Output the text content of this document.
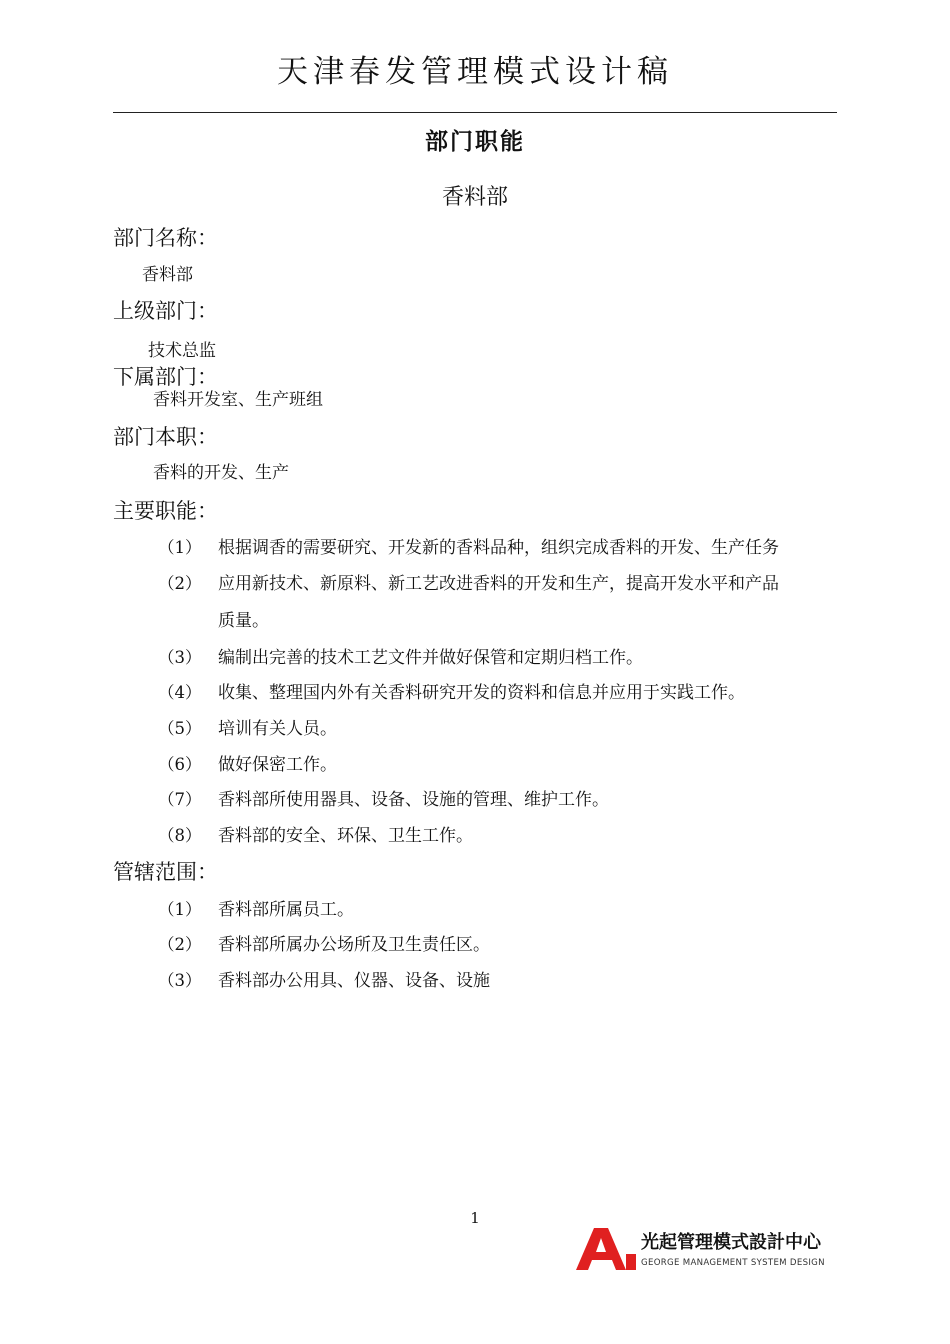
天津春发管理模式设计稿
部门职能
香料部
部门名称：
香料部
上级部门：
技术总监
下属部门：
香料开发室、生产班组
部门本职：
香料的开发、生产
主要职能：
（1） 根据调香的需要研究、开发新的香料品种，组织完成香料的开发、生产任务
（2） 应用新技术、新原料、新工艺改进香料的开发和生产，提高开发水平和产品
质量。
（3） 编制出完善的技术工艺文件并做好保管和定期归档工作。
（4） 收集、整理国内外有关香料研究开发的资料和信息并应用于实践工作。
（5） 培训有关人员。
（6） 做好保密工作。
（7） 香料部所使用器具、设备、设施的管理、维护工作。
（8） 香料部的安全、环保、卫生工作。
管辖范围：
（1） 香料部所属员工。
（2） 香料部所属办公场所及卫生责任区。
（3） 香料部办公用具、仪器、设备、设施
1
光起管理模式設計中心
GEORGE MANAGEMENT SYSTEM DESIGN
